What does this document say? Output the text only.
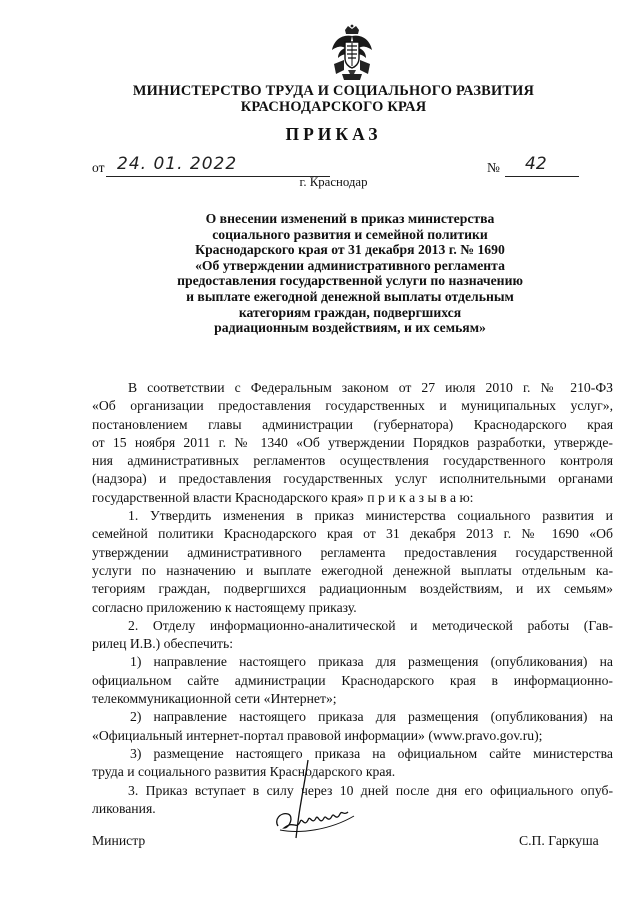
МИНИСТЕРСТВО ТРУДА И СОЦИАЛЬНОГО РАЗВИТИЯ
КРАСНОДАРСКОГО КРАЯ
ПРИКАЗ
от 24. 01. 2022	№ 42
г. Краснодар
О внесении изменений в приказ министерства
социального развития и семейной политики
Краснодарского края от 31 декабря 2013 г. № 1690
«Об утверждении административного регламента
предоставления государственной услуги по назначению
и выплате ежегодной денежной выплаты отдельным
категориям граждан, подвергшихся
радиационным воздействиям, и их семьям»
В соответствии с Федеральным законом от 27 июля 2010 г. № 210-ФЗ
«Об организации предоставления государственных и муниципальных услуг»,
постановлением главы администрации (губернатора) Краснодарского края
от 15 ноября 2011 г. № 1340 «Об утверждении Порядков разработки, утвержде-
ния административных регламентов осуществления государственного контроля
(надзора) и предоставления государственных услуг исполнительными органами
государственной власти Краснодарского края» п р и к а з ы в а ю:
1. Утвердить изменения в приказ министерства социального развития и
семейной политики Краснодарского края от 31 декабря 2013 г. № 1690 «Об
утверждении административного регламента предоставления государственной
услуги по назначению и выплате ежегодной денежной выплаты отдельным ка-
тегориям граждан, подвергшихся радиационным воздействиям, и их семьям»
согласно приложению к настоящему приказу.
2. Отделу информационно-аналитической и методической работы (Гав-
рилец И.В.) обеспечить:
1) направление настоящего приказа для размещения (опубликования) на
официальном сайте администрации Краснодарского края в информационно-
телекоммуникационной сети «Интернет»;
2) направление настоящего приказа для размещения (опубликования) на
«Официальный интернет-портал правовой информации» (www.pravo.gov.ru);
3) размещение настоящего приказа на официальном сайте министерства
труда и социального развития Краснодарского края.
3. Приказ вступает в силу через 10 дней после дня его официального опуб-
ликования.
Министр	С.П. Гаркуша
